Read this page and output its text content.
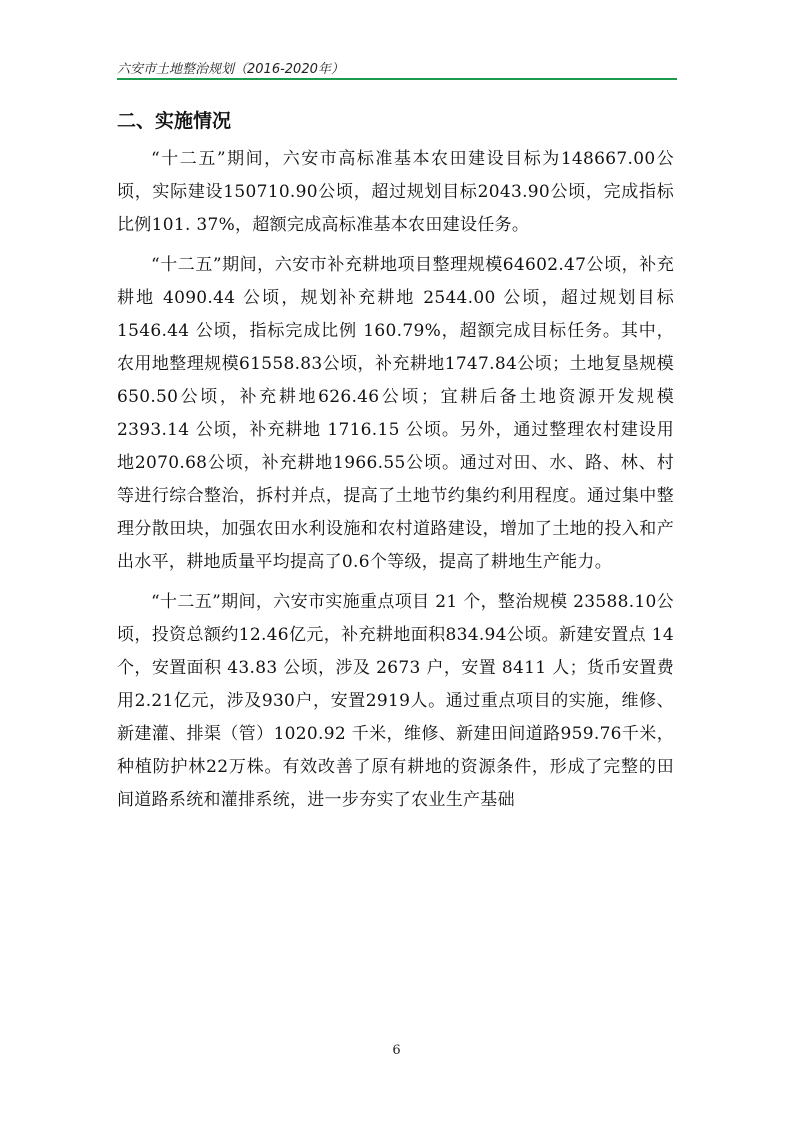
六安市土地整治规划（2016-2020年）
二、实施情况

“十二五”期间，六安市高标准基本农田建设目标为148667.00公顷，实际建设150710.90公顷，超过规划目标2043.90公顷，完成指标比例101. 37%，超额完成高标准基本农田建设任务。

“十二五”期间，六安市补充耕地项目整理规模64602.47公顷，补充耕地 4090.44 公顷，规划补充耕地 2544.00 公顷，超过规划目标1546.44 公顷，指标完成比例 160.79%，超额完成目标任务。其中，农用地整理规模61558.83公顷，补充耕地1747.84公顷；土地复垦规模650.50公顷，补充耕地626.46公顷；宜耕后备土地资源开发规模2393.14 公顷，补充耕地 1716.15 公顷。另外，通过整理农村建设用地2070.68公顷，补充耕地1966.55公顷。通过对田、水、路、林、村等进行综合整治，拆村并点，提高了土地节约集约利用程度。通过集中整理分散田块，加强农田水利设施和农村道路建设，增加了土地的投入和产出水平，耕地质量平均提高了0.6个等级，提高了耕地生产能力。

“十二五”期间，六安市实施重点项目 21 个，整治规模 23588.10公顷，投资总额约12.46亿元，补充耕地面积834.94公顷。新建安置点 14 个，安置面积 43.83 公顷，涉及 2673 户，安置 8411 人；货币安置费用2.21亿元，涉及930户，安置2919人。通过重点项目的实施，维修、新建灌、排渠（管）1020.92 千米，维修、新建田间道路959.76千米，种植防护林22万株。有效改善了原有耕地的资源条件，形成了完整的田间道路系统和灌排系统，进一步夯实了农业生产基础

6
